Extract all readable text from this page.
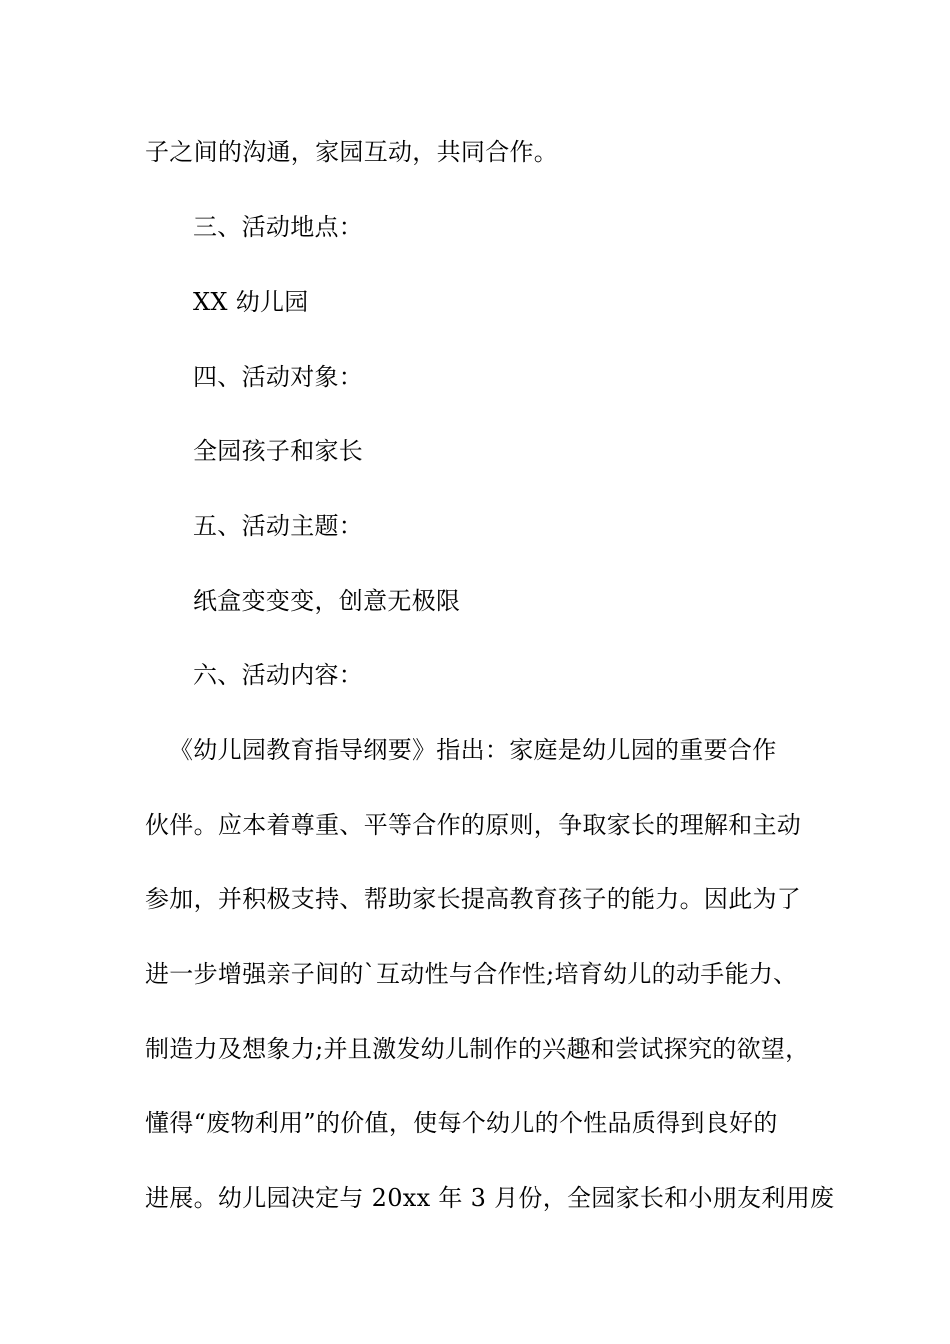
子之间的沟通，家园互动，共同合作。
三、活动地点：
XX 幼儿园
四、活动对象：
全园孩子和家长
五、活动主题：
纸盒变变变，创意无极限
六、活动内容：
《幼儿园教育指导纲要》指出：家庭是幼儿园的重要合作
伙伴。应本着尊重、平等合作的原则，争取家长的理解和主动
参加，并积极支持、帮助家长提高教育孩子的能力。因此为了
进一步增强亲子间的`互动性与合作性;培育幼儿的动手能力、
制造力及想象力;并且激发幼儿制作的兴趣和尝试探究的欲望，
懂得“废物利用”的价值，使每个幼儿的个性品质得到良好的
进展。幼儿园决定与 20xx 年 3 月份，全园家长和小朋友利用废
